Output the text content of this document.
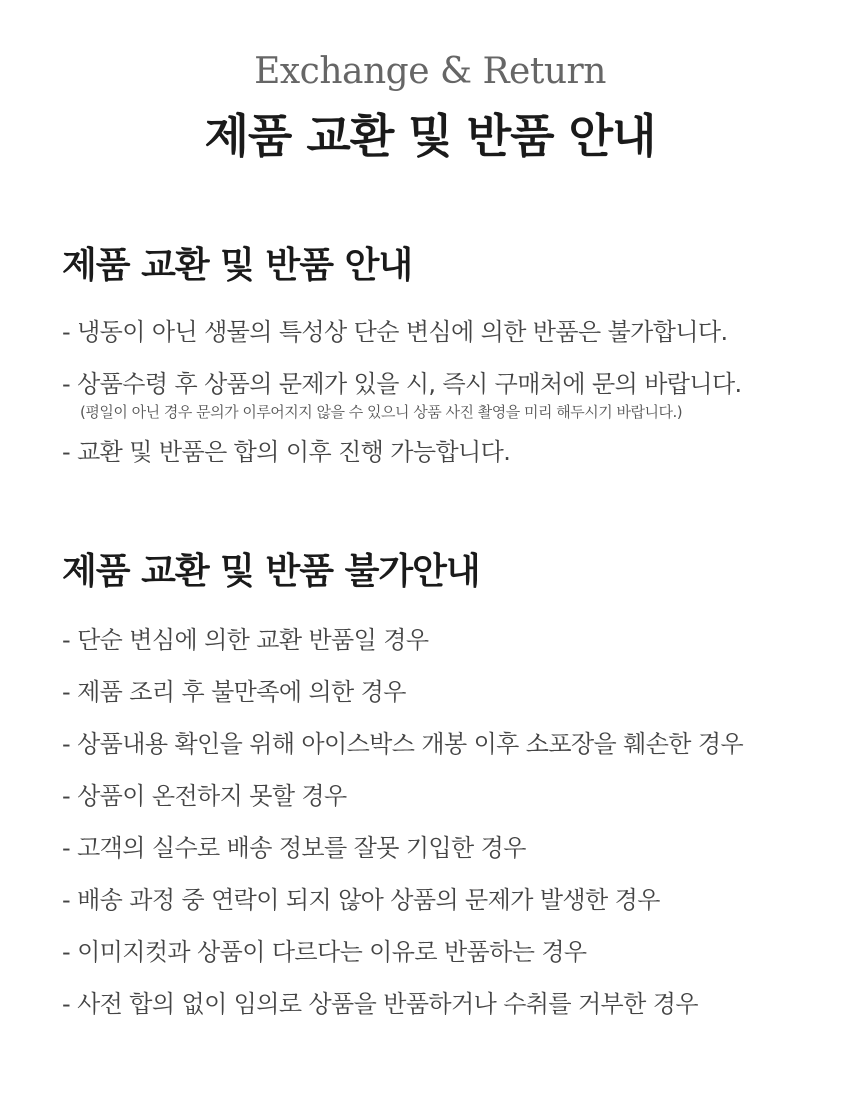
Exchange & Return
제품 교환 및 반품 안내
제품 교환 및 반품 안내
- 냉동이 아닌 생물의 특성상 단순 변심에 의한 반품은 불가합니다.
- 상품수령 후 상품의 문제가 있을 시, 즉시 구매처에 문의 바랍니다.
(평일이 아닌 경우 문의가 이루어지지 않을 수 있으니 상품 사진 촬영을 미리 해두시기 바랍니다.)
- 교환 및 반품은 합의 이후 진행 가능합니다.
제품 교환 및 반품 불가안내
- 단순 변심에 의한 교환 반품일 경우
- 제품 조리 후 불만족에 의한 경우
- 상품내용 확인을 위해 아이스박스 개봉 이후 소포장을 훼손한 경우
- 상품이 온전하지 못할 경우
- 고객의 실수로 배송 정보를 잘못 기입한 경우
- 배송 과정 중 연락이 되지 않아 상품의 문제가 발생한 경우
- 이미지컷과 상품이 다르다는 이유로 반품하는 경우
- 사전 합의 없이 임의로 상품을 반품하거나 수취를 거부한 경우
